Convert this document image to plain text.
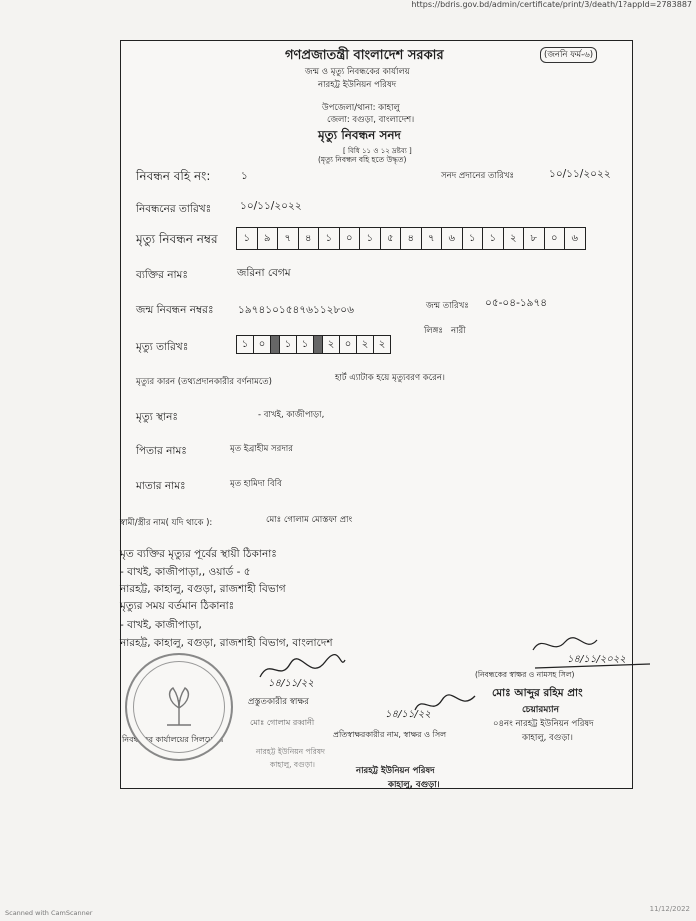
https://bdris.gov.bd/admin/certificate/print/3/death/1?appId=2783887
গণপ্রজাতন্ত্রী বাংলাদেশ সরকার	(জননি ফর্ম-৬)
জন্ম ও মৃত্যু নিবন্ধকের কার্যালয়
নারহট্ট ইউনিয়ন পরিষদ
উপজেলা/থানা: কাহালু
জেলা: বগুড়া, বাংলাদেশ।
মৃত্যু নিবন্ধন সনদ
[ বিধি ১১ ও ১২ দ্রষ্টব্য ]
(মৃত্যু নিবন্ধন বহি হতে উদ্ধৃত)
নিবন্ধন বহি নং:	১	সনদ প্রদানের তারিখঃ	১০/১১/২০২২
নিবন্ধনের তারিখঃ	১০/১১/২০২২
মৃত্যু নিবন্ধন নম্বর	১	৯	৭	৪	১	০	১	৫	৪	৭	৬	১	১	২	৮	০	৬
ব্যক্তির নামঃ	জরিনা বেগম
জন্ম নিবন্ধন নম্বরঃ ১৯৭৪১০১৫৪৭৬১১২৮০৬	জন্ম তারিখঃ ০৫-০৪-১৯৭৪
লিঙ্গঃ নারী
মৃত্যু তারিখঃ	১	০	১	১	২	০	২	২
মৃত্যুর কারন (তথ্যপ্রদানকারীর বর্ণনামতে)	হার্ট এ্যাটাক হয়ে মৃত্যুবরণ করেন।
মৃত্যু স্থানঃ	- বাখই, কাজীপাড়া,
পিতার নামঃ	মৃত ইব্রাহীম সরদার
মাতার নামঃ	মৃত হামিদা বিবি
স্বামী/স্ত্রীর নাম( যদি থাকে ):	মোঃ গোলাম মোস্তফা প্রাং
মৃত ব্যক্তির মৃত্যুর পূর্বের স্থায়ী ঠিকানাঃ
- বাখই, কাজীপাড়া,, ওয়ার্ড - ৫
নারহট্ট, কাহালু, বগুড়া, রাজশাহী বিভাগ
মৃত্যুর সময় বর্তমান ঠিকানাঃ
- বাখই, কাজীপাড়া,
নারহট্ট, কাহালু, বগুড়া, রাজশাহী বিভাগ, বাংলাদেশ
১৪/১১/২২
প্রস্তুতকারীর স্বাক্ষর
১৪/১১/২০২২
(নিবন্ধকের স্বাক্ষর ও নামসহ সিল)
মোঃ আব্দুর রহিম প্রাং
চেয়ারম্যান
০৪নং নারহট্ট ইউনিয়ন পরিষদ
কাহালু, বগুড়া।
১৪/১১/২২
মোঃ গোলাম রব্বানী
নিবন্ধকের কার্যালয়ের সিলমোহর
প্রতিস্বাক্ষরকারীর নাম, স্বাক্ষর ও সিল
নারহট্ট ইউনিয়ন পরিষদ
কাহালু, বগুড়া।
নারহট্ট ইউনিয়ন পরিষদ
কাহালু, বগুড়া।
Scanned with CamScanner	11/12/2022
